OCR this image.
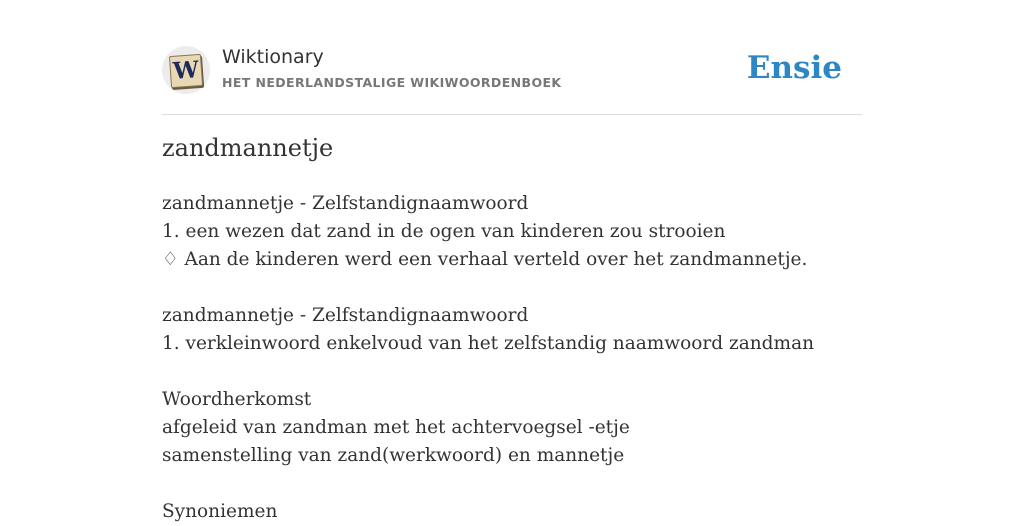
W Wiktionary
HET NEDERLANDSTALIGE WIKIWOORDENBOEK	Ensie
zandmannetje
zandmannetje - Zelfstandignaamwoord
1. een wezen dat zand in de ogen van kinderen zou strooien
♢ Aan de kinderen werd een verhaal verteld over het zandmannetje.
zandmannetje - Zelfstandignaamwoord
1. verkleinwoord enkelvoud van het zelfstandig naamwoord zandman
Woordherkomst
afgeleid van zandman met het achtervoegsel -etje
samenstelling van zand(werkwoord) en mannetje
Synoniemen
